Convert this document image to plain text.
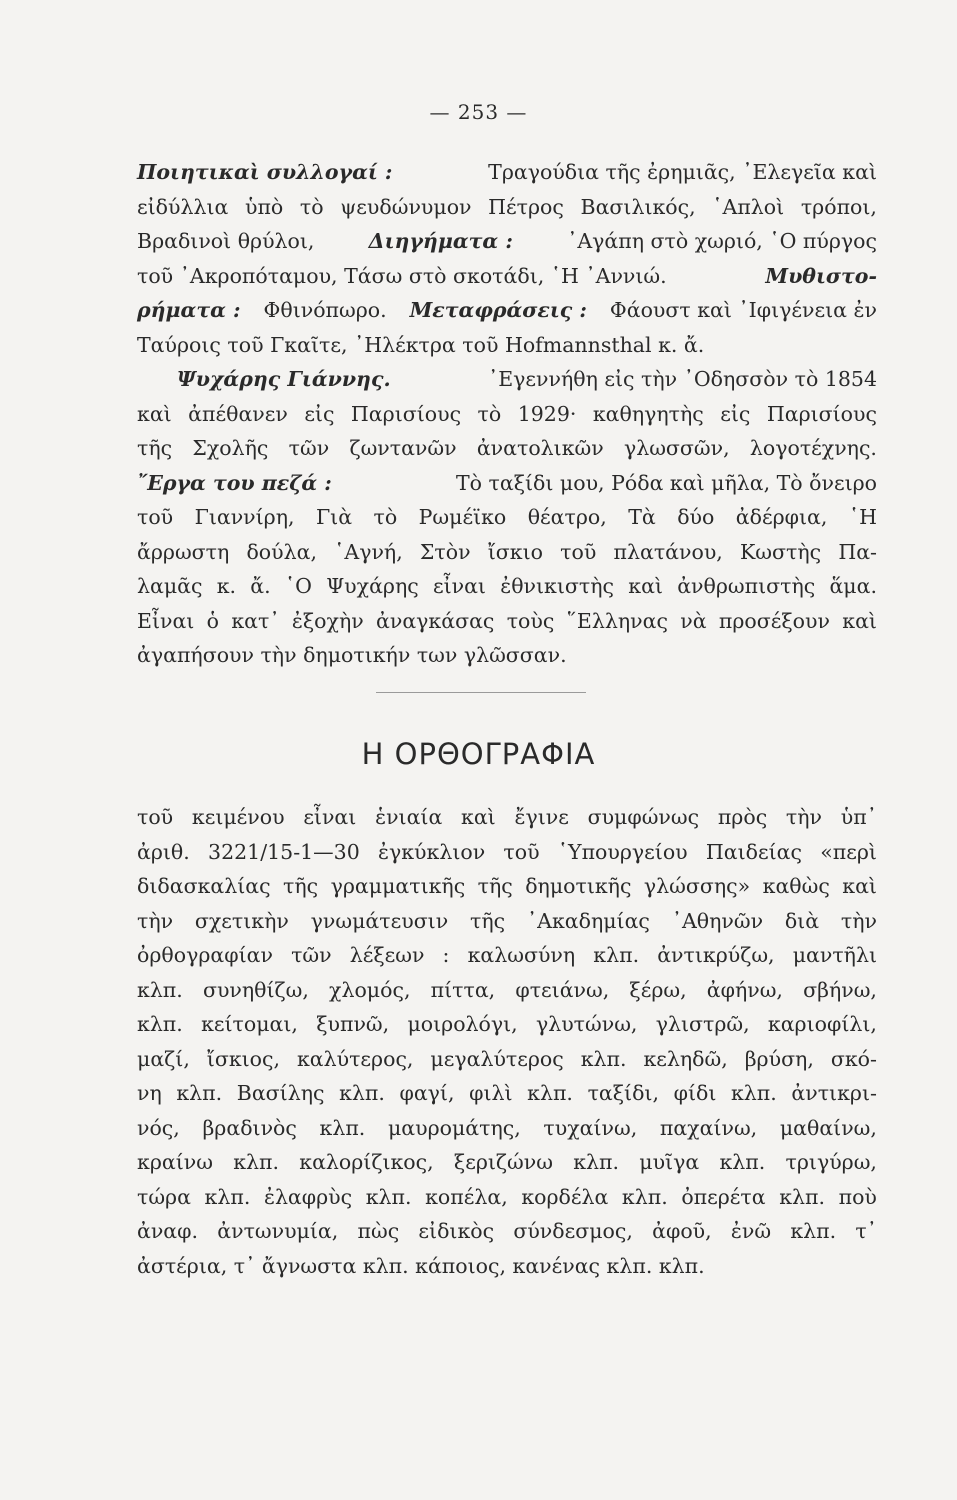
— 253 —
Ποιητικαὶ συλλογαί :	Τραγούδια τῆς ἐρημιᾶς, ᾿Ελεγεῖα καὶ
εἰδύλλια ὑπὸ τὸ ψευδώνυμον Πέτρος Βασιλικός, ῾Απλοὶ τρόποι,
Βραδινοὶ θρύλοι,	Διηγήματα :	᾿Αγάπη στὸ χωριό, ῾Ο πύργος
τοῦ ᾿Ακροπόταμου, Τάσω στὸ σκοτάδι, ῾Η ᾿Αννιώ.	Μυθιστο-
ρήματα : Φθινόπωρο. Μεταφράσεις : Φάουστ καὶ ᾿Ιφιγένεια ἐν
Ταύροις τοῦ Γκαῖτε, ᾿Ηλέκτρα τοῦ Hofmannsthal κ. ἄ.
Ψυχάρης Γιάννης.	᾿Εγεννήθη εἰς τὴν ᾿Οδησσὸν τὸ 1854
καὶ ἀπέθανεν εἰς Παρισίους τὸ 1929· καθηγητὴς εἰς Παρισίους
τῆς Σχολῆς τῶν ζωντανῶν ἀνατολικῶν γλωσσῶν, λογοτέχνης.
῎Εργα του πεζά :	Τὸ ταξίδι μου, Ρόδα καὶ μῆλα, Τὸ ὄνειρο
τοῦ Γιαννίρη, Γιὰ τὸ Ρωμέϊκο θέατρο, Τὰ δύο ἀδέρφια, ῾Η
ἄρρωστη δούλα, ῾Αγνή, Στὸν ἴσκιο τοῦ πλατάνου, Κωστὴς Πα-
λαμᾶς κ. ἄ. ῾Ο Ψυχάρης εἶναι ἐθνικιστὴς καὶ ἀνθρωπιστὴς ἅμα.
Εἶναι ὁ κατ᾿ ἐξοχὴν ἀναγκάσας τοὺς ῞Ελληνας νὰ προσέξουν καὶ
ἀγαπήσουν τὴν δημοτικήν των γλῶσσαν.
Η ΟΡΘΟΓΡΑΦΙΑ
τοῦ κειμένου εἶναι ἑνιαία καὶ ἔγινε συμφώνως πρὸς τὴν ὑπ᾿
ἀριθ. 3221/15-1—30 ἐγκύκλιον τοῦ ῾Υπουργείου Παιδείας «περὶ
διδασκαλίας τῆς γραμματικῆς τῆς δημοτικῆς γλώσσης» καθὼς καὶ
τὴν σχετικὴν γνωμάτευσιν τῆς ᾿Ακαδημίας ᾿Αθηνῶν διὰ τὴν
ὀρθογραφίαν τῶν λέξεων : καλωσύνη κλπ. ἀντικρύζω, μαντῆλι
κλπ. συνηθίζω, χλομός, πίττα, φτειάνω, ξέρω, ἀφήνω, σβήνω,
κλπ. κείτομαι, ξυπνῶ, μοιρολόγι, γλυτώνω, γλιστρῶ, καριοφίλι,
μαζί, ἴσκιος, καλύτερος, μεγαλύτερος κλπ. κεληδῶ, βρύση, σκό-
νη κλπ. Βασίλης κλπ. φαγί, φιλὶ κλπ. ταξίδι, φίδι κλπ. ἀντικρι-
νός, βραδινὸς κλπ. μαυρομάτης, τυχαίνω, παχαίνω, μαθαίνω,
κραίνω κλπ. καλορίζικος, ξεριζώνω κλπ. μυῖγα κλπ. τριγύρω,
τώρα κλπ. ἐλαφρὺς κλπ. κοπέλα, κορδέλα κλπ. ὀπερέτα κλπ. ποὺ
ἀναφ. ἀντωνυμία, πὼς εἰδικὸς σύνδεσμος, ἀφοῦ, ἐνῶ κλπ. τ᾿
ἀστέρια, τ᾿ ἄγνωστα κλπ. κάποιος, κανένας κλπ. κλπ.
